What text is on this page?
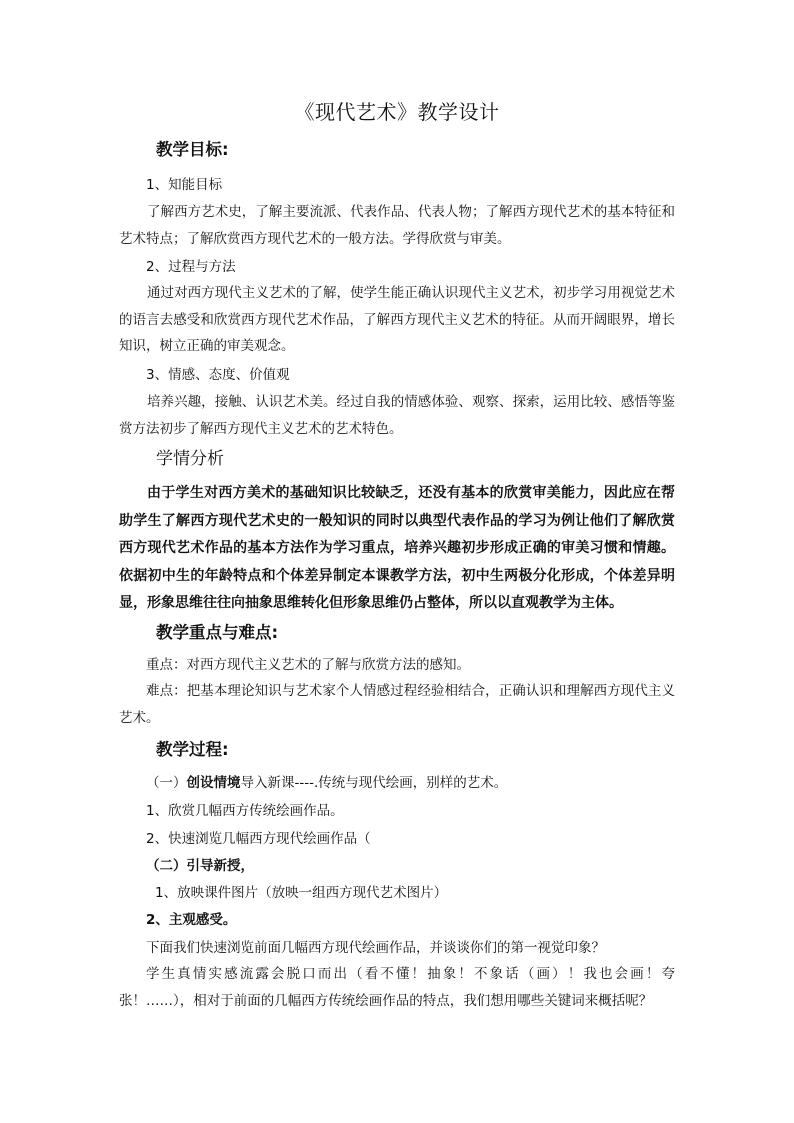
《现代艺术》教学设计
教学目标:
1、知能目标
了解西方艺术史，了解主要流派、代表作品、代表人物；了解西方现代艺术的基本特征和艺术特点；了解欣赏西方现代艺术的一般方法。学得欣赏与审美。
2、过程与方法
通过对西方现代主义艺术的了解，使学生能正确认识现代主义艺术，初步学习用视觉艺术的语言去感受和欣赏西方现代艺术作品，了解西方现代主义艺术的特征。从而开阔眼界，增长知识，树立正确的审美观念。
3、情感、态度、价值观
培养兴趣，接触、认识艺术美。经过自我的情感体验、观察、探索，运用比较、感悟等鉴赏方法初步了解西方现代主义艺术的艺术特色。
学情分析
由于学生对西方美术的基础知识比较缺乏，还没有基本的欣赏审美能力，因此应在帮助学生了解西方现代艺术史的一般知识的同时以典型代表作品的学习为例让他们了解欣赏西方现代艺术作品的基本方法作为学习重点，培养兴趣初步形成正确的审美习惯和情趣。依据初中生的年龄特点和个体差异制定本课教学方法，初中生两极分化形成，个体差异明显，形象思维往往向抽象思维转化但形象思维仍占整体，所以以直观教学为主体。
教学重点与难点:
重点：对西方现代主义艺术的了解与欣赏方法的感知。
难点：把基本理论知识与艺术家个人情感过程经验相结合，正确认识和理解西方现代主义艺术。
教学过程:
（一）创设情境导入新课----.传统与现代绘画，别样的艺术。
1、欣赏几幅西方传统绘画作品。
2、快速浏览几幅西方现代绘画作品（
（二）引导新授，
1、放映课件图片（放映一组西方现代艺术图片）
2、主观感受。
下面我们快速浏览前面几幅西方现代绘画作品，并谈谈你们的第一视觉印象？
学生真情实感流露会脱口而出（看不懂！抽象！不象话（画）！我也会画！夸张！……），相对于前面的几幅西方传统绘画作品的特点，我们想用哪些关键词来概括呢？
